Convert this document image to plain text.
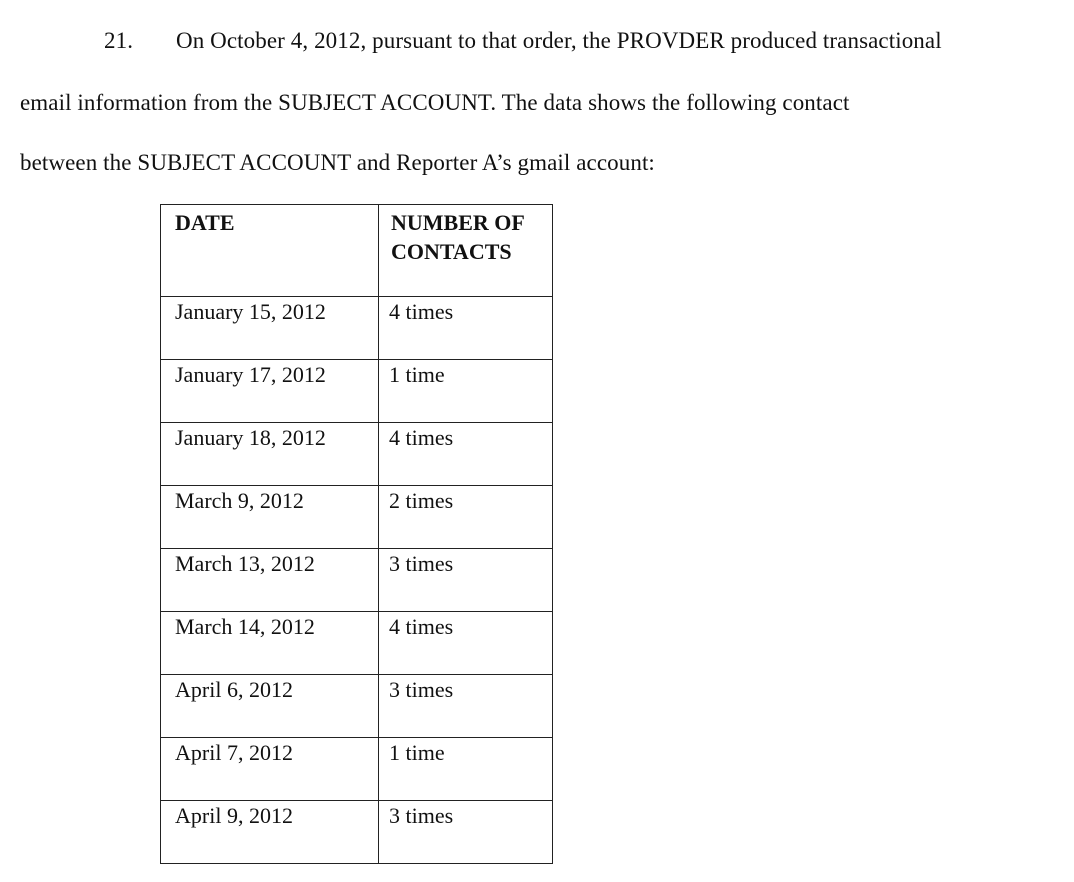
21. On October 4, 2012, pursuant to that order, the PROVDER produced transactional
email information from the SUBJECT ACCOUNT. The data shows the following contact
between the SUBJECT ACCOUNT and Reporter A’s gmail account:
DATE	NUMBER OF CONTACTS
January 15, 2012	4 times
January 17, 2012	1 time
January 18, 2012	4 times
March 9, 2012	2 times
March 13, 2012	3 times
March 14, 2012	4 times
April 6, 2012	3 times
April 7, 2012	1 time
April 9, 2012	3 times
